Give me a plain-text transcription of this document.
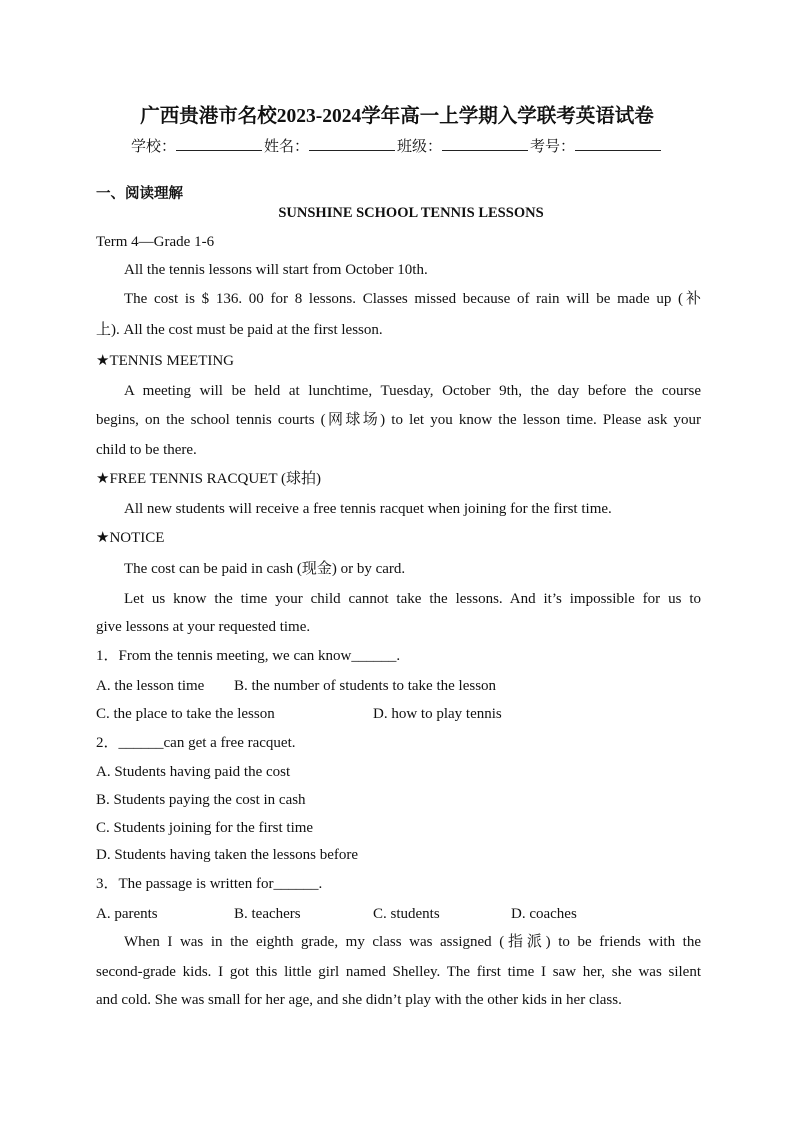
广西贵港市名校2023-2024学年高一上学期入学联考英语试卷
学校：	姓名：	班级：	考号：
一、阅读理解
SUNSHINE SCHOOL TENNIS LESSONS
Term 4—Grade 1-6
All the tennis lessons will start from October 10th.
The cost is $ 136. 00 for 8 lessons. Classes missed because of rain will be made up (补
上). All the cost must be paid at the first lesson.
★TENNIS MEETING
A meeting will be held at lunchtime, Tuesday, October 9th, the day before the course
begins, on the school tennis courts (网球场) to let you know the lesson time. Please ask your
child to be there.
★FREE TENNIS RACQUET (球拍)
All new students will receive a free tennis racquet when joining for the first time.
★NOTICE
The cost can be paid in cash (现金) or by card.
Let us know the time your child cannot take the lessons. And it’s impossible for us to
give lessons at your requested time.
1．From the tennis meeting, we can know______.
A. the lesson time B. the number of students to take the lesson
C. the place to take the lesson	D. how to play tennis
2．______can get a free racquet.
A. Students having paid the cost
B. Students paying the cost in cash
C. Students joining for the first time
D. Students having taken the lessons before
3．The passage is written for______.
A. parents	B. teachers	C. students	D. coaches
When I was in the eighth grade, my class was assigned (指派) to be friends with the
second-grade kids. I got this little girl named Shelley. The first time I saw her, she was silent
and cold. She was small for her age, and she didn’t play with the other kids in her class.
